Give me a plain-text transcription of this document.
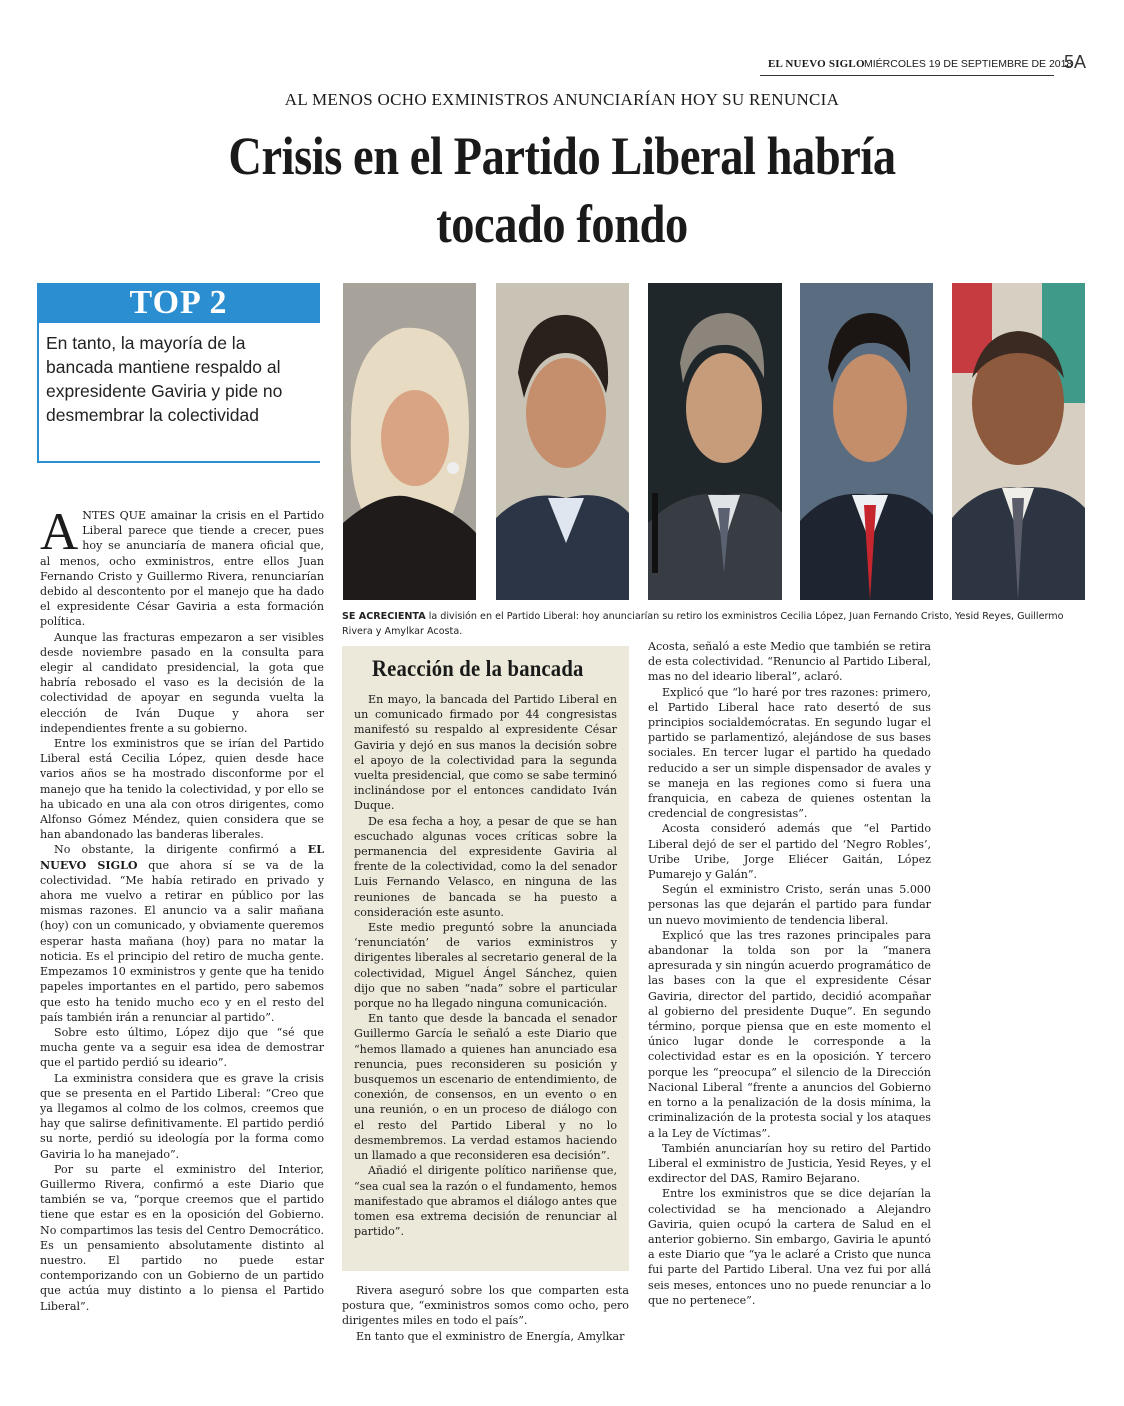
EL NUEVO SIGLO MIÉRCOLES 19 DE SEPTIEMBRE DE 2018
5A
AL MENOS OCHO EXMINISTROS ANUNCIARÍAN HOY SU RENUNCIA
Crisis en el Partido Liberal habría
tocado fondo
TOP 2
En tanto, la mayoría de la bancada mantiene respaldo al expresidente Gaviria y pide no desmembrar la colectividad
SE ACRECIENTA la división en el Partido Liberal: hoy anunciarían su retiro los exministros Cecilia López, Juan Fernando Cristo, Yesid Reyes, Guillermo Rivera y Amylkar Acosta.

ANTES QUE amainar la crisis en el Partido Liberal parece que tiende a crecer, pues hoy se anunciaría de manera oficial que, al menos, ocho exministros, entre ellos Juan Fernando Cristo y Guillermo Rivera, renunciarían debido al descontento por el manejo que ha dado el expresidente César Gaviria a esta formación política.

Aunque las fracturas empezaron a ser visibles desde noviembre pasado en la consulta para elegir al candidato presidencial, la gota que habría rebosado el vaso es la decisión de la colectividad de apoyar en segunda vuelta la elección de Iván Duque y ahora ser independientes frente a su gobierno.

Entre los exministros que se irían del Partido Liberal está Cecilia López, quien desde hace varios años se ha mostrado disconforme por el manejo que ha tenido la colectividad, y por ello se ha ubicado en una ala con otros dirigentes, como Alfonso Gómez Méndez, quien considera que se han abandonado las banderas liberales.

No obstante, la dirigente confirmó a EL NUEVO SIGLO que ahora sí se va de la colectividad. “Me había retirado en privado y ahora me vuelvo a retirar en público por las mismas razones. El anuncio va a salir mañana (hoy) con un comunicado, y obviamente queremos esperar hasta mañana (hoy) para no matar la noticia. Es el principio del retiro de mucha gente. Empezamos 10 exministros y gente que ha tenido papeles importantes en el partido, pero sabemos que esto ha tenido mucho eco y en el resto del país también irán a renunciar al partido”.

Sobre esto último, López dijo que “sé que mucha gente va a seguir esa idea de demostrar que el partido perdió su ideario”.

La exministra considera que es grave la crisis que se presenta en el Partido Liberal: “Creo que ya llegamos al colmo de los colmos, creemos que hay que salirse definitivamente. El partido perdió su norte, perdió su ideología por la forma como Gaviria lo ha manejado”.

Por su parte el exministro del Interior, Guillermo Rivera, confirmó a este Diario que también se va, “porque creemos que el partido tiene que estar es en la oposición del Gobierno. No compartimos las tesis del Centro Democrático. Es un pensamiento absolutamente distinto al nuestro. El partido no puede estar contemporizando con un Gobierno de un partido que actúa muy distinto a lo piensa el Partido Liberal”.

Reacción de la bancada

En mayo, la bancada del Partido Liberal en un comunicado firmado por 44 congresistas manifestó su respaldo al expresidente César Gaviria y dejó en sus manos la decisión sobre el apoyo de la colectividad para la segunda vuelta presidencial, que como se sabe terminó inclinándose por el entonces candidato Iván Duque.

De esa fecha a hoy, a pesar de que se han escuchado algunas voces críticas sobre la permanencia del expresidente Gaviria al frente de la colectividad, como la del senador Luis Fernando Velasco, en ninguna de las reuniones de bancada se ha puesto a consideración este asunto.

Este medio preguntó sobre la anunciada ‘renunciatón’ de varios exministros y dirigentes liberales al secretario general de la colectividad, Miguel Ángel Sánchez, quien dijo que no saben “nada” sobre el particular porque no ha llegado ninguna comunicación.

En tanto que desde la bancada el senador Guillermo García le señaló a este Diario que “hemos llamado a quienes han anunciado esa renuncia, pues reconsideren su posición y busquemos un escenario de entendimiento, de conexión, de consensos, en un evento o en una reunión, o en un proceso de diálogo con el resto del Partido Liberal y no lo desmembremos. La verdad estamos haciendo un llamado a que reconsideren esa decisión”.

Añadió el dirigente político nariñense que, “sea cual sea la razón o el fundamento, hemos manifestado que abramos el diálogo antes que tomen esa extrema decisión de renunciar al partido”.

Rivera aseguró sobre los que comparten esta postura que, “exministros somos como ocho, pero dirigentes miles en todo el país”.

En tanto que el exministro de Energía, Amylkar

Acosta, señaló a este Medio que también se retira de esta colectividad. “Renuncio al Partido Liberal, mas no del ideario liberal”, aclaró.

Explicó que “lo haré por tres razones: primero, el Partido Liberal hace rato desertó de sus principios socialdemócratas. En segundo lugar el partido se parlamentizó, alejándose de sus bases sociales. En tercer lugar el partido ha quedado reducido a ser un simple dispensador de avales y se maneja en las regiones como si fuera una franquicia, en cabeza de quienes ostentan la credencial de congresistas”.

Acosta consideró además que “el Partido Liberal dejó de ser el partido del ‘Negro Robles’, Uribe Uribe, Jorge Eliécer Gaitán, López Pumarejo y Galán”.

Según el exministro Cristo, serán unas 5.000 personas las que dejarán el partido para fundar un nuevo movimiento de tendencia liberal.

Explicó que las tres razones principales para abandonar la tolda son por la “manera apresurada y sin ningún acuerdo programático de las bases con la que el expresidente César Gaviria, director del partido, decidió acompañar al gobierno del presidente Duque”. En segundo término, porque piensa que en este momento el único lugar donde le corresponde a la colectividad estar es en la oposición. Y tercero porque les “preocupa” el silencio de la Dirección Nacional Liberal “frente a anuncios del Gobierno en torno a la penalización de la dosis mínima, la criminalización de la protesta social y los ataques a la Ley de Víctimas”.

También anunciarían hoy su retiro del Partido Liberal el exministro de Justicia, Yesid Reyes, y el exdirector del DAS, Ramiro Bejarano.

Entre los exministros que se dice dejarían la colectividad se ha mencionado a Alejandro Gaviria, quien ocupó la cartera de Salud en el anterior gobierno. Sin embargo, Gaviria le apuntó a este Diario que “ya le aclaré a Cristo que nunca fui parte del Partido Liberal. Una vez fui por allá seis meses, entonces uno no puede renunciar a lo que no pertenece”.
